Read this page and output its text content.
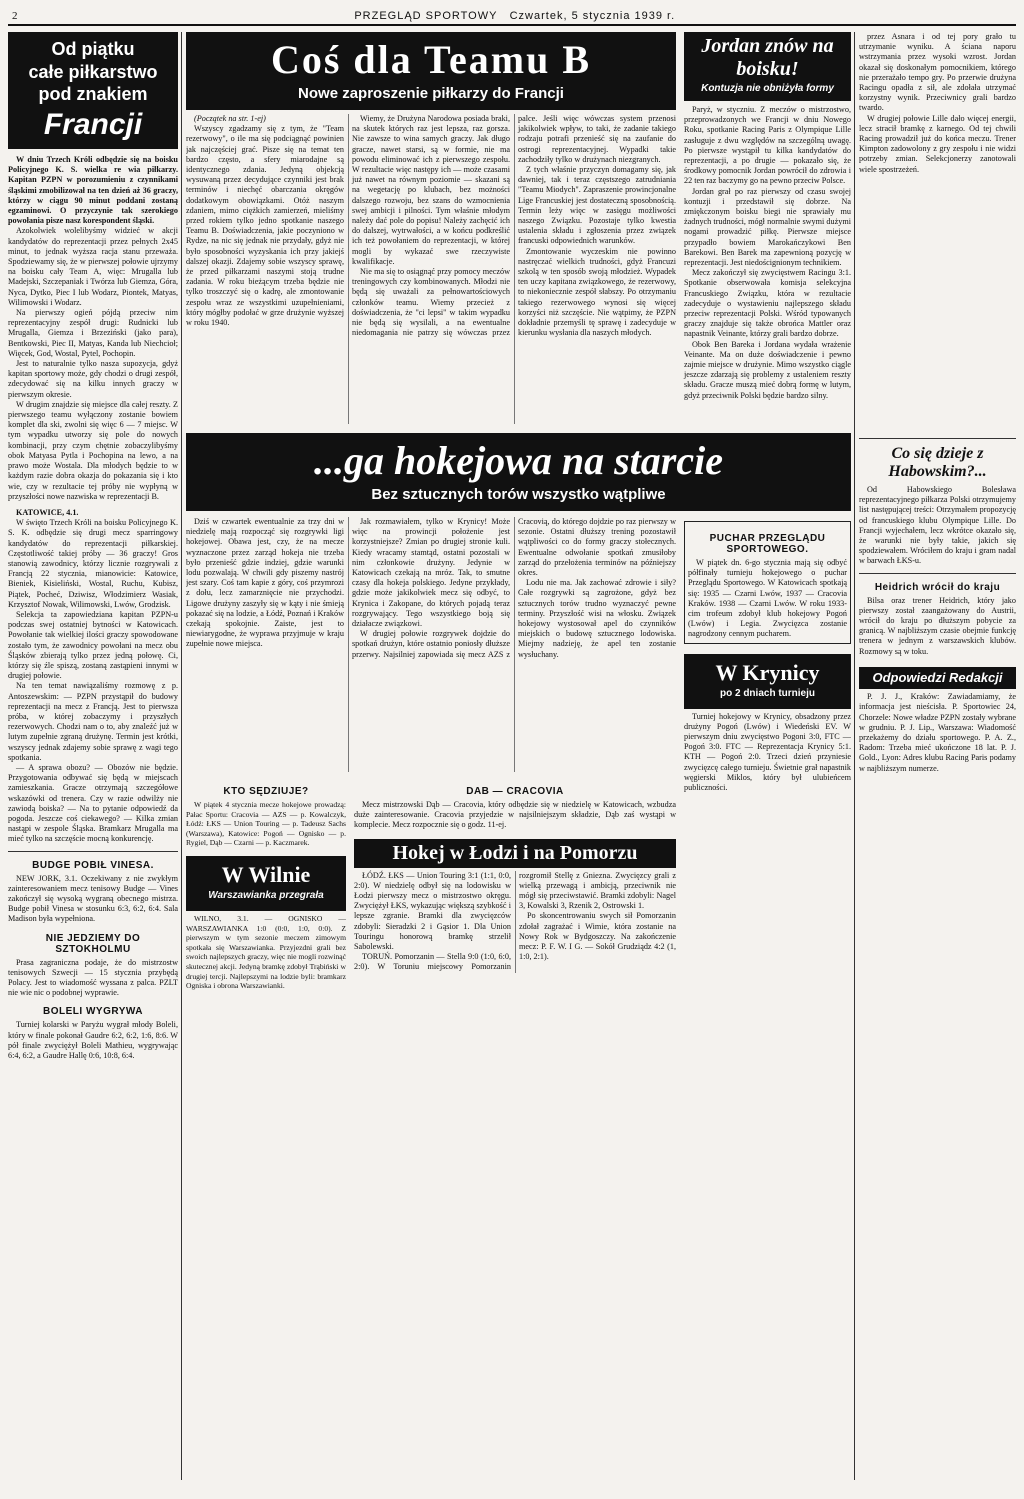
2	PRZEGLĄD SPORTOWY Czwartek, 5 stycznia 1939 r.
Od piątku
całe piłkarstwo
pod znakiem
Francji

W dniu Trzech Króli odbędzie się na boisku Policyjnego K. S. wielka re wia piłkarzy. Kapitan PZPN w porozumieniu z czynnikami śląskimi zmobilizował na ten dzień aż 36 graczy, którzy w ciągu 90 minut poddani zostaną egzaminowi. O przyczynie tak szerokiego powołania pisze nasz korespondent śląski.

Azokolwiek wolelibyśmy widzieć w akcji kandydatów do reprezentacji przez pełnych 2x45 minut, to jednak wyższa racja stanu przeważa. Spodziewamy się, że w pierwszej połowie ujrzymy na boisku cały Team A, więc: Mrugalla lub Madejski, Szczepaniak i Twórza lub Giemza, Góra, Nyca, Dytko, Piec I lub Wodarz, Piontek, Matyas, Wilimowski i Wodarz.

Na pierwszy ogień pójdą przeciw nim reprezentacyjny zespół drugi: Rudnicki lub Mrugalla, Giemza i Brzeziński (jako para), Bentkowski, Piec II, Matyas, Kanda lub Niechcioł; Więcek, God, Wostal, Pytel, Pochopin.

Jest to naturalnie tylko nasza supozycja, gdyż kapitan sportowy może, gdy chodzi o drugi zespół, zdecydować się na kilku innych graczy w pierwszym okresie.

W drugim znajdzie się miejsce dla całej reszty. Z pierwszego teamu wyłączony zostanie bowiem komplet dla ski, zwolni się więc 6 — 7 miejsc. W tym wypadku utworzy się pole do nowych kombinacji, przy czym chętnie zobaczylibyśmy obok Matyasa Pytla i Pochopina na lewo, a na prawo może Wostala. Dla młodych będzie to w każdym razie dobra okazja do pokazania się i kto wie, czy w rezultacie tej próby nie wypłyną w przyszłości nowe nazwiska w reprezentacji B.

KATOWICE, 4.1.

W święto Trzech Króli na boisku Policyjnego K. S. K. odbędzie się drugi mecz sparringowy kandydatów do reprezentacji piłkarskiej. Częstotliwość takiej próby — 36 graczy! Gros stanowią zawodnicy, którzy licznie rozgrywali z Francją 22 stycznia, mianowicie: Katowice, Bieniek, Kisieliński, Wostal, Ruchu, Kubisz, Piątek, Pocheć, Dziwisz, Włodzimierz Wasiak, Krzysztof Nowak, Wilimowski, Lwów, Grodzisk.

Selekcja ta zapowiedziana kapitan PZPN-u podczas swej ostatniej bytności w Katowicach. Powołanie tak wielkiej ilości graczy spowodowane zostało tym, że zawodnicy powołani na mecz obu Śląsków zbierają tylko przez jedną połowę. Ci, którzy się źle spiszą, zostaną zastąpieni innymi w drugiej połowie.

Na ten temat nawiązaliśmy rozmowę z p. Antoszewskim: — PZPN przystąpił do budowy reprezentacji na mecz z Francją. Jest to pierwsza próba, w której zobaczymy i przyszłych rezerwowych. Chodzi nam o to, aby znaleźć już w lutym zupełnie zgraną drużynę. Termin jest krótki, wszyscy jednak zdajemy sobie sprawę z wagi tego spotkania.

— A sprawa obozu? — Obozów nie będzie. Przygotowania odbywać się będą w miejscach zamieszkania. Gracze otrzymają szczegółowe wskazówki od trenera. Czy w razie odwilży nie zawiodą boiska? — Na to pytanie odpowiedź da pogoda. Jeszcze coś ciekawego? — Kilka zmian nastąpi w zespole Śląska. Bramkarz Mrugalla ma mieć tylko na szczęście mocną konkurencję.

BUDGE POBIŁ VINESA.

NEW JORK, 3.1. Oczekiwany z nie zwykłym zainteresowaniem mecz tenisowy Budge — Vines zakończył się wysoką wygraną obecnego mistrza. Budge pobił Vinesa w stosunku 6:3, 6:2, 6:4. Sala Madison była wypełniona.

NIE JEDZIEMY DO SZTOKHOLMU

Prasa zagraniczna podaje, że do mistrzostw tenisowych Szwecji — 15 stycznia przybędą Polacy. Jest to wiadomość wyssana z palca. PZLT nie wie nic o podobnej wyprawie.

BOLELI WYGRYWA

Turniej kolarski w Paryżu wygrał młody Boleli, który w finale pokonał Gaudre 6:2, 6:2, 1:6, 8:6. W pół finale zwyciężył Boleli Mathieu, wygrywając 6:4, 6:2, a Gaudre Hallę 0:6, 10:8, 6:4.

Coś dla Teamu B
Nowe zaproszenie piłkarzy do Francji

(Początek na str. 1-ej)

Wszyscy zgadzamy się z tym, że "Team rezerwowy", o ile ma się podciągnąć powinien jak najczęściej grać. Pisze się na temat ten bardzo często, a sfery miarodajne są identycznego zdania. Jedyną objekcją wysuwaną przez decydujące czynniki jest brak terminów i niechęć obarczania okręgów dodatkowym obowiązkami. Otóż naszym zdaniem, mimo ciężkich zamierzeń, mieliśmy przed rokiem tylko jedno spotkanie naszego Teamu B. Doświadczenia, jakie poczyniono w Rydze, na nic się jednak nie przydały, gdyż nie było sposobności wyzyskania ich przy jakiejś dalszej okazji. Zdajemy sobie wszyscy sprawę, że przed piłkarzami naszymi stoją trudne zadania. W roku bieżącym trzeba będzie nie tylko troszczyć się o kadrę, ale zmontowanie zespołu wraz ze wszystkimi uzupełnieniami, który mógłby podołać w grze drużynie wyższej w roku 1940.

Wiemy, że Drużyna Narodowa posiada braki, na skutek których raz jest lepsza, raz gorsza. Nie zawsze to wina samych graczy. Jak długo gracze, nawet starsi, są w formie, nie ma powodu eliminować ich z pierwszego zespołu. W rezultacie więc następy ich — może czasami już nawet na równym poziomie — skazani są na wegetację po klubach, bez możności dalszego rozwoju, bez szans do wzmocnienia swej ambicji i pilności. Tym właśnie młodym należy dać pole do popisu! Należy zachęcić ich do dalszej, wytrwałości, a w końcu podkreślić ich też powołaniem do reprezentacji, w której mogli by wykazać swe rzeczywiste kwalifikacje.

Nie ma się to osiągnąć przy pomocy meczów treningowych czy kombinowanych. Młodzi nie będą się uważali za pełnowartościowych członków teamu. Wiemy przecież z doświadczenia, że "ci lepsi" w takim wypadku nie będą się wysilali, a na ewentualne niedomagania nie patrzy się wówczas przez palce. Jeśli więc wówczas system przenosi jakikolwiek wpływ, to taki, że zadanie takiego rodzaju potrafi przenieść się na zaufanie do ostrogi reprezentacyjnej. Wypadki takie zachodziły tylko w drużynach niezgranych.

Z tych właśnie przyczyn domagamy się, jak dawniej, tak i teraz częstszego zatrudniania "Teamu Miodych". Zapraszenie prowincjonalne Lige Francuskiej jest dostateczną sposobnością. Termin leży więc w zasięgu możliwości naszego Związku. Pozostaje tylko kwestia ustalenia składu i zgłoszenia przez związek francuski odpowiednich warunków.

Zmontowanie wyczeskim nie powinno nastręczać wielkich trudności, gdyż Francuzi szkolą w ten sposób swoją młodzież. Wypadek ten uczy kapitana związkowego, że rezerwowy, to niekoniecznie zespół słabszy. Po otrzymaniu takiego rezerwowego wynosi się więcej korzyści niż szczęście. Nie wątpimy, że PZPN dokładnie przemyśli tę sprawę i zadecyduje w kierunku wysłania dla naszych młodych.

Jordan znów na boisku!
Kontuzja nie obniżyła formy

Paryż, w styczniu. Z meczów o mistrzostwo, przeprowadzonych we Francji w dniu Nowego Roku, spotkanie Racing Paris z Olympique Lille zasługuje z dwu względów na szczególną uwagę. Po pierwsze wystąpił tu kilka kandydatów do reprezentacji, a po drugie — pokazało się, że środkowy pomocnik Jordan powrócił do zdrowia i 22 ten raz baczymy go na pewno przeciw Polsce.

Jordan grał po raz pierwszy od czasu swojej kontuzji i przedstawił się dobrze. Na zmiękczonym boisku biegi nie sprawiały mu żadnych trudności, mógł normalnie swymi dużymi nogami prowadzić piłkę. Pierwsze miejsce przypadło bowiem Marokańczykowi Ben Barekowi. Ben Barek ma zapewnioną pozycję w reprezentacji. Jest niedoścignionym technikiem.

Mecz zakończył się zwycięstwem Racingu 3:1. Spotkanie obserwowała komisja selekcyjna Francuskiego Związku, która w rezultacie zadecyduje o wystawieniu najlepszego składu przeciw reprezentacji Polski. Wśród typowanych graczy znajduje się także obrońca Mattler oraz napastnik Veinante, którzy grali bardzo dobrze.

Obok Ben Bareka i Jordana wydała wrażenie Veinante. Ma on duże doświadczenie i pewno zajmie miejsce w drużynie. Mimo wszystko ciągle jeszcze zdarzają się problemy z ustaleniem reszty składu. Gracze muszą mieć dobrą formę w lutym, gdyż przeciwnik Polski będzie bardzo silny.

...ga hokejowa na starcie
Bez sztucznych torów wszystko wątpliwe

Dziś w czwartek ewentualnie za trzy dni w niedzielę mają rozpocząć się rozgrywki ligi hokejowej. Obawa jest, czy, że na mecze wyznaczone przez zarząd hokeja nie trzeba było przenieść gdzie indziej, gdzie warunki lodu pozwalają. W chwili gdy piszemy nastrój jest szary. Coś tam kapie z góry, coś przymrozi z dołu, lecz zamarznięcie nie przychodzi. Ligowe drużyny zaszyły się w kąty i nie śmieją pokazać się na lodzie, a Łódź, Poznań i Kraków czekają spokojnie. Zaiste, jest to niewiarygodne, że wyprawa przyjmuje w kraju zupełnie nowe miejsca.

Jak rozmawiałem, tylko w Krynicy! Może więc na prowincji położenie jest korzystniejsze? Zmian po drugiej stronie kuli. Kiedy wracamy stamtąd, ostatni pozostali w nim członkowie drużyny. Jedynie w Katowicach czekają na mróz. Tak, to smutne czasy dla hokeja polskiego. Jedyne przykłady, gdzie może jakikolwiek mecz się odbyć, to Krynica i Zakopane, do których pojadą teraz rozgrywający. Tego wszystkiego boją się działacze związkowi.

W drugiej połowie rozgrywek dojdzie do spotkań drużyn, które ostatnio poniosły dłuższe przerwy. Najsilniej zapowiada się mecz AZS z Cracovią, do którego dojdzie po raz pierwszy w sezonie. Ostatni dłuższy trening pozostawił wątpliwości co do formy graczy stołecznych. Ewentualne odwołanie spotkań zmusiłoby zarząd do przełożenia terminów na późniejszy okres.

Lodu nie ma. Jak zachować zdrowie i siły? Całe rozgrywki są zagrożone, gdyż bez sztucznych torów trudno wyznaczyć pewne terminy. Przyszłość wisi na włosku. Związek hokejowy wystosował apel do czynników miejskich o budowę sztucznego lodowiska. Miejmy nadzieję, że apel ten zostanie wysłuchany.

KTO SĘDZIUJE?

W piątek 4 stycznia mecze hokejowe prowadzą: Pałac Sportu: Cracovia — AZS — p. Kowalczyk, Łódź: ŁKS — Union Touring — p. Tadeusz Sachs (Warszawa), Katowice: Pogoń — Ognisko — p. Rygiel, Dąb — Czarni — p. Kaczmarek.

W Wilnie
Warszawianka przegrała

WILNO, 3.1. — OGNISKO — WARSZAWIANKA 1:0 (0:0, 1:0, 0:0). Z pierwszym w tym sezonie meczem zimowym spotkała się Warszawianka. Przyjezdni grali bez swoich najlepszych graczy, więc nie mogli rozwinąć skutecznej akcji. Jedyną bramkę zdobył Trąbiński w drugiej tercji. Najlepszymi na lodzie byli: bramkarz Ogniska i obrona Warszawianki.

DAB — CRACOVIA

Mecz mistrzowski Dąb — Cracovia, który odbędzie się w niedzielę w Katowicach, wzbudza duże zainteresowanie. Cracovia przyjedzie w najsilniejszym składzie, Dąb zaś wystąpi w komplecie. Mecz rozpocznie się o godz. 11-ej.

Hokej w Łodzi i na Pomorzu

ŁÓDŹ. ŁKS — Union Touring 3:1 (1:1, 0:0, 2:0). W niedzielę odbył się na lodowisku w Łodzi pierwszy mecz o mistrzostwo okręgu. Zwyciężył ŁKS, wykazując większą szybkość i lepsze zgranie. Bramki dla zwycięzców zdobyli: Sieradzki 2 i Gąsior 1. Dla Union Touringu honorową bramkę strzelił Sabolewski.

TORUŃ. Pomorzanin — Stella 9:0 (1:0, 6:0, 2:0). W Toruniu miejscowy Pomorzanin rozgromił Stellę z Gniezna. Zwycięzcy grali z wielką przewagą i ambicją, przeciwnik nie mógł się przeciwstawić. Bramki zdobyli: Nagel 3, Kowalski 3, Rzenik 2, Ostrowski 1.

Po skoncentrowaniu swych sił Pomorzanin zdołał zagrażać i Wimie, która zostanie na Nowy Rok w Bydgoszczy. Na zakończenie mecz: P. F. W. I G. — Sokół Grudziądz 4:2 (1, 1:0, 2:1).

PUCHAR PRZEGLĄDU SPORTOWEGO.

W piątek dn. 6-go stycznia mają się odbyć półfinały turnieju hokejowego o puchar Przeglądu Sportowego. W Katowicach spotkają się: 1935 — Czarni Lwów, 1937 — Cracovia Kraków. 1938 — Czarni Lwów. W roku 1933-cim trofeum zdobył klub hokejowy Pogoń (Lwów) i Legia. Zwycięzca zostanie nagrodzony cennym pucharem.

W Krynicy
po 2 dniach turnieju

Turniej hokejowy w Krynicy, obsadzony przez drużyny Pogoń (Lwów) i Wiedeński EV. W pierwszym dniu zwycięstwo Pogoni 3:0, FTC — Pogoń 3:0. FTC — Reprezentacja Krynicy 5:1. KTH — Pogoń 2:0. Trzeci dzień przyniesie zwycięzcę całego turnieju. Świetnie grał napastnik węgierski Miklos, który był ulubieńcem publiczności.

przez Asnara i od tej pory grało tu utrzymanie wyniku. A ściana naporu wstrzymania przez wysoki wzrost. Jordan okazał się doskonałym pomocnikiem, którego nie przerażało tempo gry. Po przerwie drużyna Racingu opadła z sił, ale zdołała utrzymać korzystny wynik. Przeciwnicy grali bardzo twardo.

W drugiej połowie Lille dało więcej energii, lecz stracił bramkę z karnego. Od tej chwili Racing prowadził już do końca meczu. Trener Kimpton zadowolony z gry zespołu i nie widzi potrzeby zmian. Selekcjonerzy zanotowali wiele spostrzeżeń.

Co się dzieje z Habowskim?...

Od Habowskiego Bolesława reprezentacyjnego piłkarza Polski otrzymujemy list następującej treści: Otrzymałem propozycję od francuskiego klubu Olympique Lille. Do Francji wyjechałem, lecz wkrótce okazało się, że warunki nie były takie, jakich się spodziewałem. Wróciłem do kraju i gram nadal w barwach ŁKS-u.

Heidrich wrócił do kraju

Bilsa oraz trener Heidrich, który jako pierwszy został zaangażowany do Austrii, wrócił do kraju po dłuższym pobycie za granicą. W najbliższym czasie obejmie funkcję trenera w jednym z warszawskich klubów. Rozmowy są w toku.

Odpowiedzi Redakcji

P. J. J., Kraków: Zawiadamiamy, że informacja jest nieścisła. P. Sportowiec 24, Chorzele: Nowe władze PZPN zostały wybrane w grudniu. P. J. Lip., Warszawa: Wiadomość przekażemy do działu sportowego. P. A. Z., Radom: Trzeba mieć ukończone 18 lat. P. J. Gold., Lyon: Adres klubu Racing Paris podamy w najbliższym numerze.
